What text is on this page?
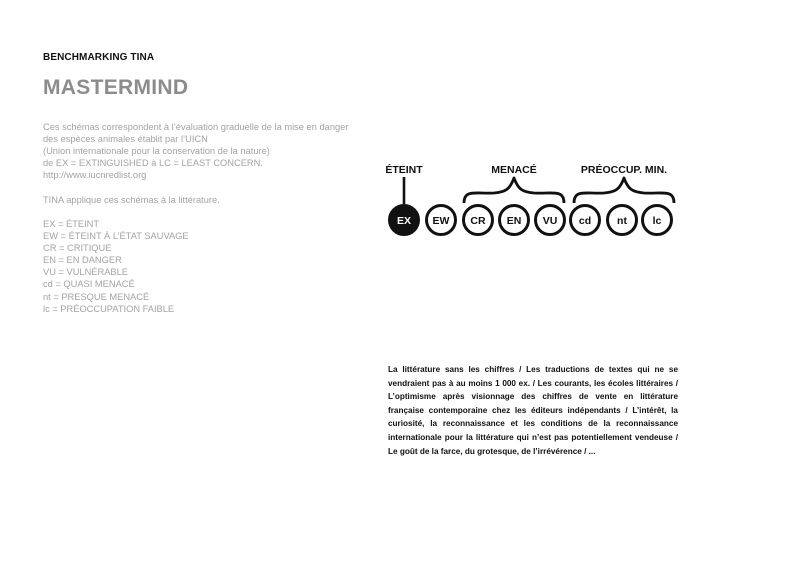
BENCHMARKING TINA
MASTERMIND
Ces schémas correspondent à l’évaluation graduelle de la mise en danger
des espèces animales établit par l’UICN
(Union internationale pour la conservation de la nature)
de EX = EXTINGUISHED à LC = LEAST CONCERN.
http://www.iucnredlist.org
TINA applique ces schémas à la littérature.
EX = ÉTEINT
EW = ÉTEINT À L’ÉTAT SAUVAGE
CR = CRITIQUE
EN = EN DANGER
VU = VULNÉRABLE
cd = QUASI MENACÉ
nt = PRESQUE MENACÉ
lc = PRÉOCCUPATION FAIBLE
ÉTEINT	MENACÉ	PRÉOCCUP. MIN.
EX EW CR EN VU cd nt lc
La littérature sans les chiffres / Les traductions de textes qui ne se vendraient pas à au moins 1 000 ex. / Les courants, les écoles littéraires / L’optimisme après visionnage des chiffres de vente en littérature française contemporaine chez les éditeurs indépendants / L’intérêt, la curiosité, la reconnaissance et les conditions de la reconnaissance internationale pour la littérature qui n’est pas potentiellement vendeuse / Le goût de la farce, du grotesque, de l’irrévérence / ...
